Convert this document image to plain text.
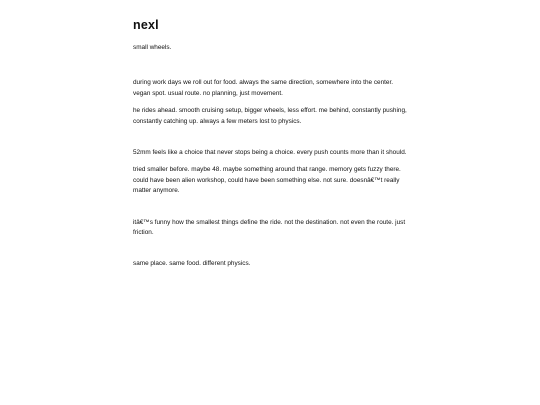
nexl

small wheels.

during work days we roll out for food. always the same direction, somewhere into the center. vegan spot. usual route. no planning, just movement.

he rides ahead. smooth cruising setup, bigger wheels, less effort. me behind, constantly pushing, constantly catching up. always a few meters lost to physics.

52mm feels like a choice that never stops being a choice. every push counts more than it should.

tried smaller before. maybe 48. maybe something around that range. memory gets fuzzy there. could have been alien workshop, could have been something else. not sure. doesnâ€™t really matter anymore.

itâ€™s funny how the smallest things define the ride. not the destination. not even the route. just friction.

same place. same food. different physics.
